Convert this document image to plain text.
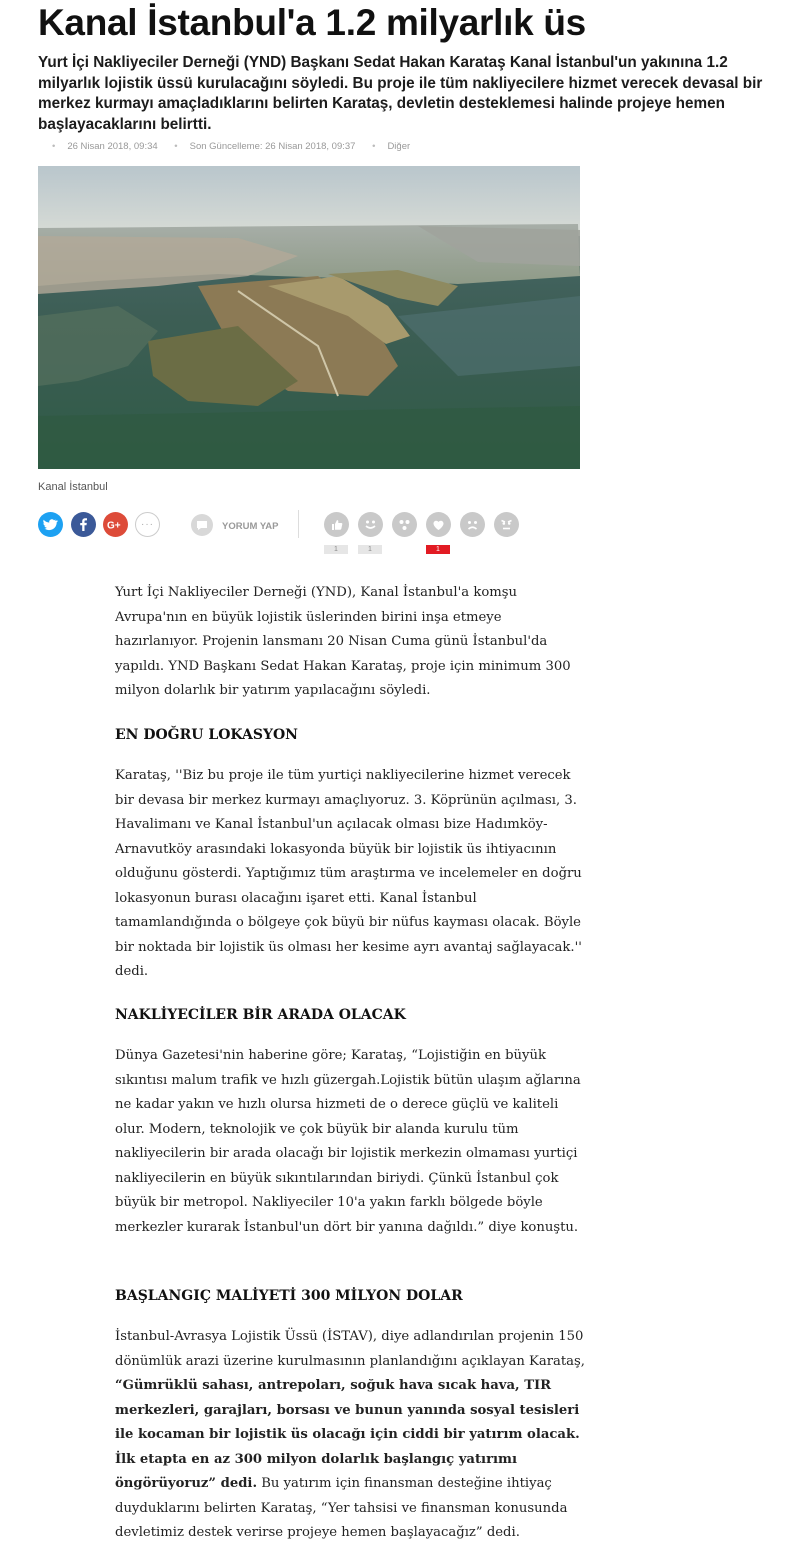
Kanal İstanbul'a 1.2 milyarlık üs

Yurt İçi Nakliyeciler Derneği (YND) Başkanı Sedat Hakan Karataş Kanal İstanbul'un yakınına 1.2 milyarlık lojistik üssü kurulacağını söyledi. Bu proje ile tüm nakliyecilere hizmet verecek devasal bir merkez kurmayı amaçladıklarını belirten Karataş, devletin desteklemesi halinde projeye hemen başlayacaklarını belirtti.

• 26 Nisan 2018, 09:34 • Son Güncelleme: 26 Nisan 2018, 09:37 • Diğer
Kanal İstanbul
G+ ···	YORUM YAP
1	1	1

Yurt İçi Nakliyeciler Derneği (YND), Kanal İstanbul'a komşu Avrupa'nın en büyük lojistik üslerinden birini inşa etmeye hazırlanıyor. Projenin lansmanı 20 Nisan Cuma günü İstanbul'da yapıldı. YND Başkanı Sedat Hakan Karataş, proje için minimum 300 milyon dolarlık bir yatırım yapılacağını söyledi.

EN DOĞRU LOKASYON

Karataş, ''Biz bu proje ile tüm yurtiçi nakliyecilerine hizmet verecek bir devasa bir merkez kurmayı amaçlıyoruz. 3. Köprünün açılması, 3. Havalimanı ve Kanal İstanbul'un açılacak olması bize Hadımköy-Arnavutköy arasındaki lokasyonda büyük bir lojistik üs ihtiyacının olduğunu gösterdi. Yaptığımız tüm araştırma ve incelemeler en doğru lokasyonun burası olacağını işaret etti. Kanal İstanbul tamamlandığında o bölgeye çok büyü bir nüfus kayması olacak. Böyle bir noktada bir lojistik üs olması her kesime ayrı avantaj sağlayacak.'' dedi.

NAKLİYECİLER BİR ARADA OLACAK

Dünya Gazetesi'nin haberine göre; Karataş, “Lojistiğin en büyük sıkıntısı malum trafik ve hızlı güzergah.Lojistik bütün ulaşım ağlarına ne kadar yakın ve hızlı olursa hizmeti de o derece güçlü ve kaliteli olur. Modern, teknolojik ve çok büyük bir alanda kurulu tüm nakliyecilerin bir arada olacağı bir lojistik merkezin olmaması yurtiçi nakliyecilerin en büyük sıkıntılarından biriydi. Çünkü İstanbul çok büyük bir metropol. Nakliyeciler 10'a yakın farklı bölgede böyle merkezler kurarak İstanbul'un dört bir yanına dağıldı.” diye konuştu.

BAŞLANGIÇ MALİYETİ 300 MİLYON DOLAR

İstanbul-Avrasya Lojistik Üssü (İSTAV), diye adlandırılan projenin 150 dönümlük arazi üzerine kurulmasının planlandığını açıklayan Karataş, “Gümrüklü sahası, antrepoları, soğuk hava sıcak hava, TIR merkezleri, garajları, borsası ve bunun yanında sosyal tesisleri ile kocaman bir lojistik üs olacağı için ciddi bir yatırım olacak. İlk etapta en az 300 milyon dolarlık başlangıç yatırımı öngörüyoruz” dedi. Bu yatırım için finansman desteğine ihtiyaç duyduklarını belirten Karataş, “Yer tahsisi ve finansman konusunda devletimiz destek verirse projeye hemen başlayacağız” dedi.
